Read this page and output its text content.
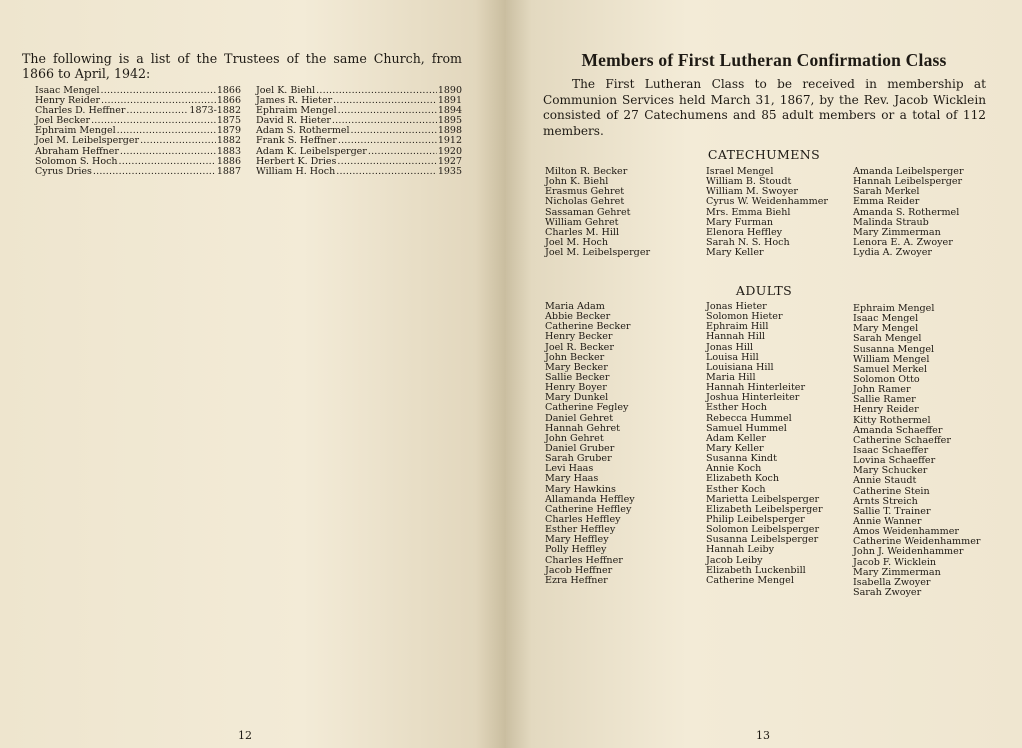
The following is a list of the Trustees of the same Church, from 1866 to April, 1942:
Isaac Mengel .....	1866
Henry Reider .....	1866
Charles D. Heffner .....	1873-1882
Joel Becker .....	1875
Ephraim Mengel .....	1879
Joel M. Leibelsperger .....	1882
Abraham Heffner .....	1883
Solomon S. Hoch .....	1886
Cyrus Dries .....	1887
Joel K. Biehl .....	1890
James R. Hieter .....	1891
Ephraim Mengel .....	1894
David R. Hieter .....	1895
Adam S. Rothermel .....	1898
Frank S. Heffner .....	1912
Adam K. Leibelsperger .....	1920
Herbert K. Dries .....	1927
William H. Hoch .....	1935
12
Members of First Lutheran Confirmation Class
The First Lutheran Class to be received in membership at Communion Services held March 31, 1867, by the Rev. Jacob Wicklein consisted of 27 Catechumens and 85 adult members or a total of 112 members.
CATECHUMENS
Milton R. Becker
John K. Biehl
Erasmus Gehret
Nicholas Gehret
Sassaman Gehret
William Gehret
Charles M. Hill
Joel M. Hoch
Joel M. Leibelsperger
Israel Mengel
William B. Stoudt
William M. Swoyer
Cyrus W. Weidenhammer
Mrs. Emma Biehl
Mary Furman
Elenora Heffley
Sarah N. S. Hoch
Mary Keller
Amanda Leibelsperger
Hannah Leibelsperger
Sarah Merkel
Emma Reider
Amanda S. Rothermel
Malinda Straub
Mary Zimmerman
Lenora E. A. Zwoyer
Lydia A. Zwoyer
ADULTS
Maria Adam
Abbie Becker
Catherine Becker
Henry Becker
Joel R. Becker
John Becker
Mary Becker
Sallie Becker
Henry Boyer
Mary Dunkel
Catherine Fegley
Daniel Gehret
Hannah Gehret
John Gehret
Daniel Gruber
Sarah Gruber
Levi Haas
Mary Haas
Mary Hawkins
Allamanda Heffley
Catherine Heffley
Charles Heffley
Esther Heffley
Mary Heffley
Polly Heffley
Charles Heffner
Jacob Heffner
Ezra Heffner
Jonas Hieter
Solomon Hieter
Ephraim Hill
Hannah Hill
Jonas Hill
Louisa Hill
Louisiana Hill
Maria Hill
Hannah Hinterleiter
Joshua Hinterleiter
Esther Hoch
Rebecca Hummel
Samuel Hummel
Adam Keller
Mary Keller
Susanna Kindt
Annie Koch
Elizabeth Koch
Esther Koch
Marietta Leibelsperger
Elizabeth Leibelsperger
Philip Leibelsperger
Solomon Leibelsperger
Susanna Leibelsperger
Hannah Leiby
Jacob Leiby
Elizabeth Luckenbill
Catherine Mengel
Ephraim Mengel
Isaac Mengel
Mary Mengel
Sarah Mengel
Susanna Mengel
William Mengel
Samuel Merkel
Solomon Otto
John Ramer
Sallie Ramer
Henry Reider
Kitty Rothermel
Amanda Schaeffer
Catherine Schaeffer
Isaac Schaeffer
Lovina Schaeffer
Mary Schucker
Annie Staudt
Catherine Stein
Arnts Streich
Sallie T. Trainer
Annie Wanner
Amos Weidenhammer
Catherine Weidenhammer
John J. Weidenhammer
Jacob F. Wicklein
Mary Zimmerman
Isabella Zwoyer
Sarah Zwoyer
13
